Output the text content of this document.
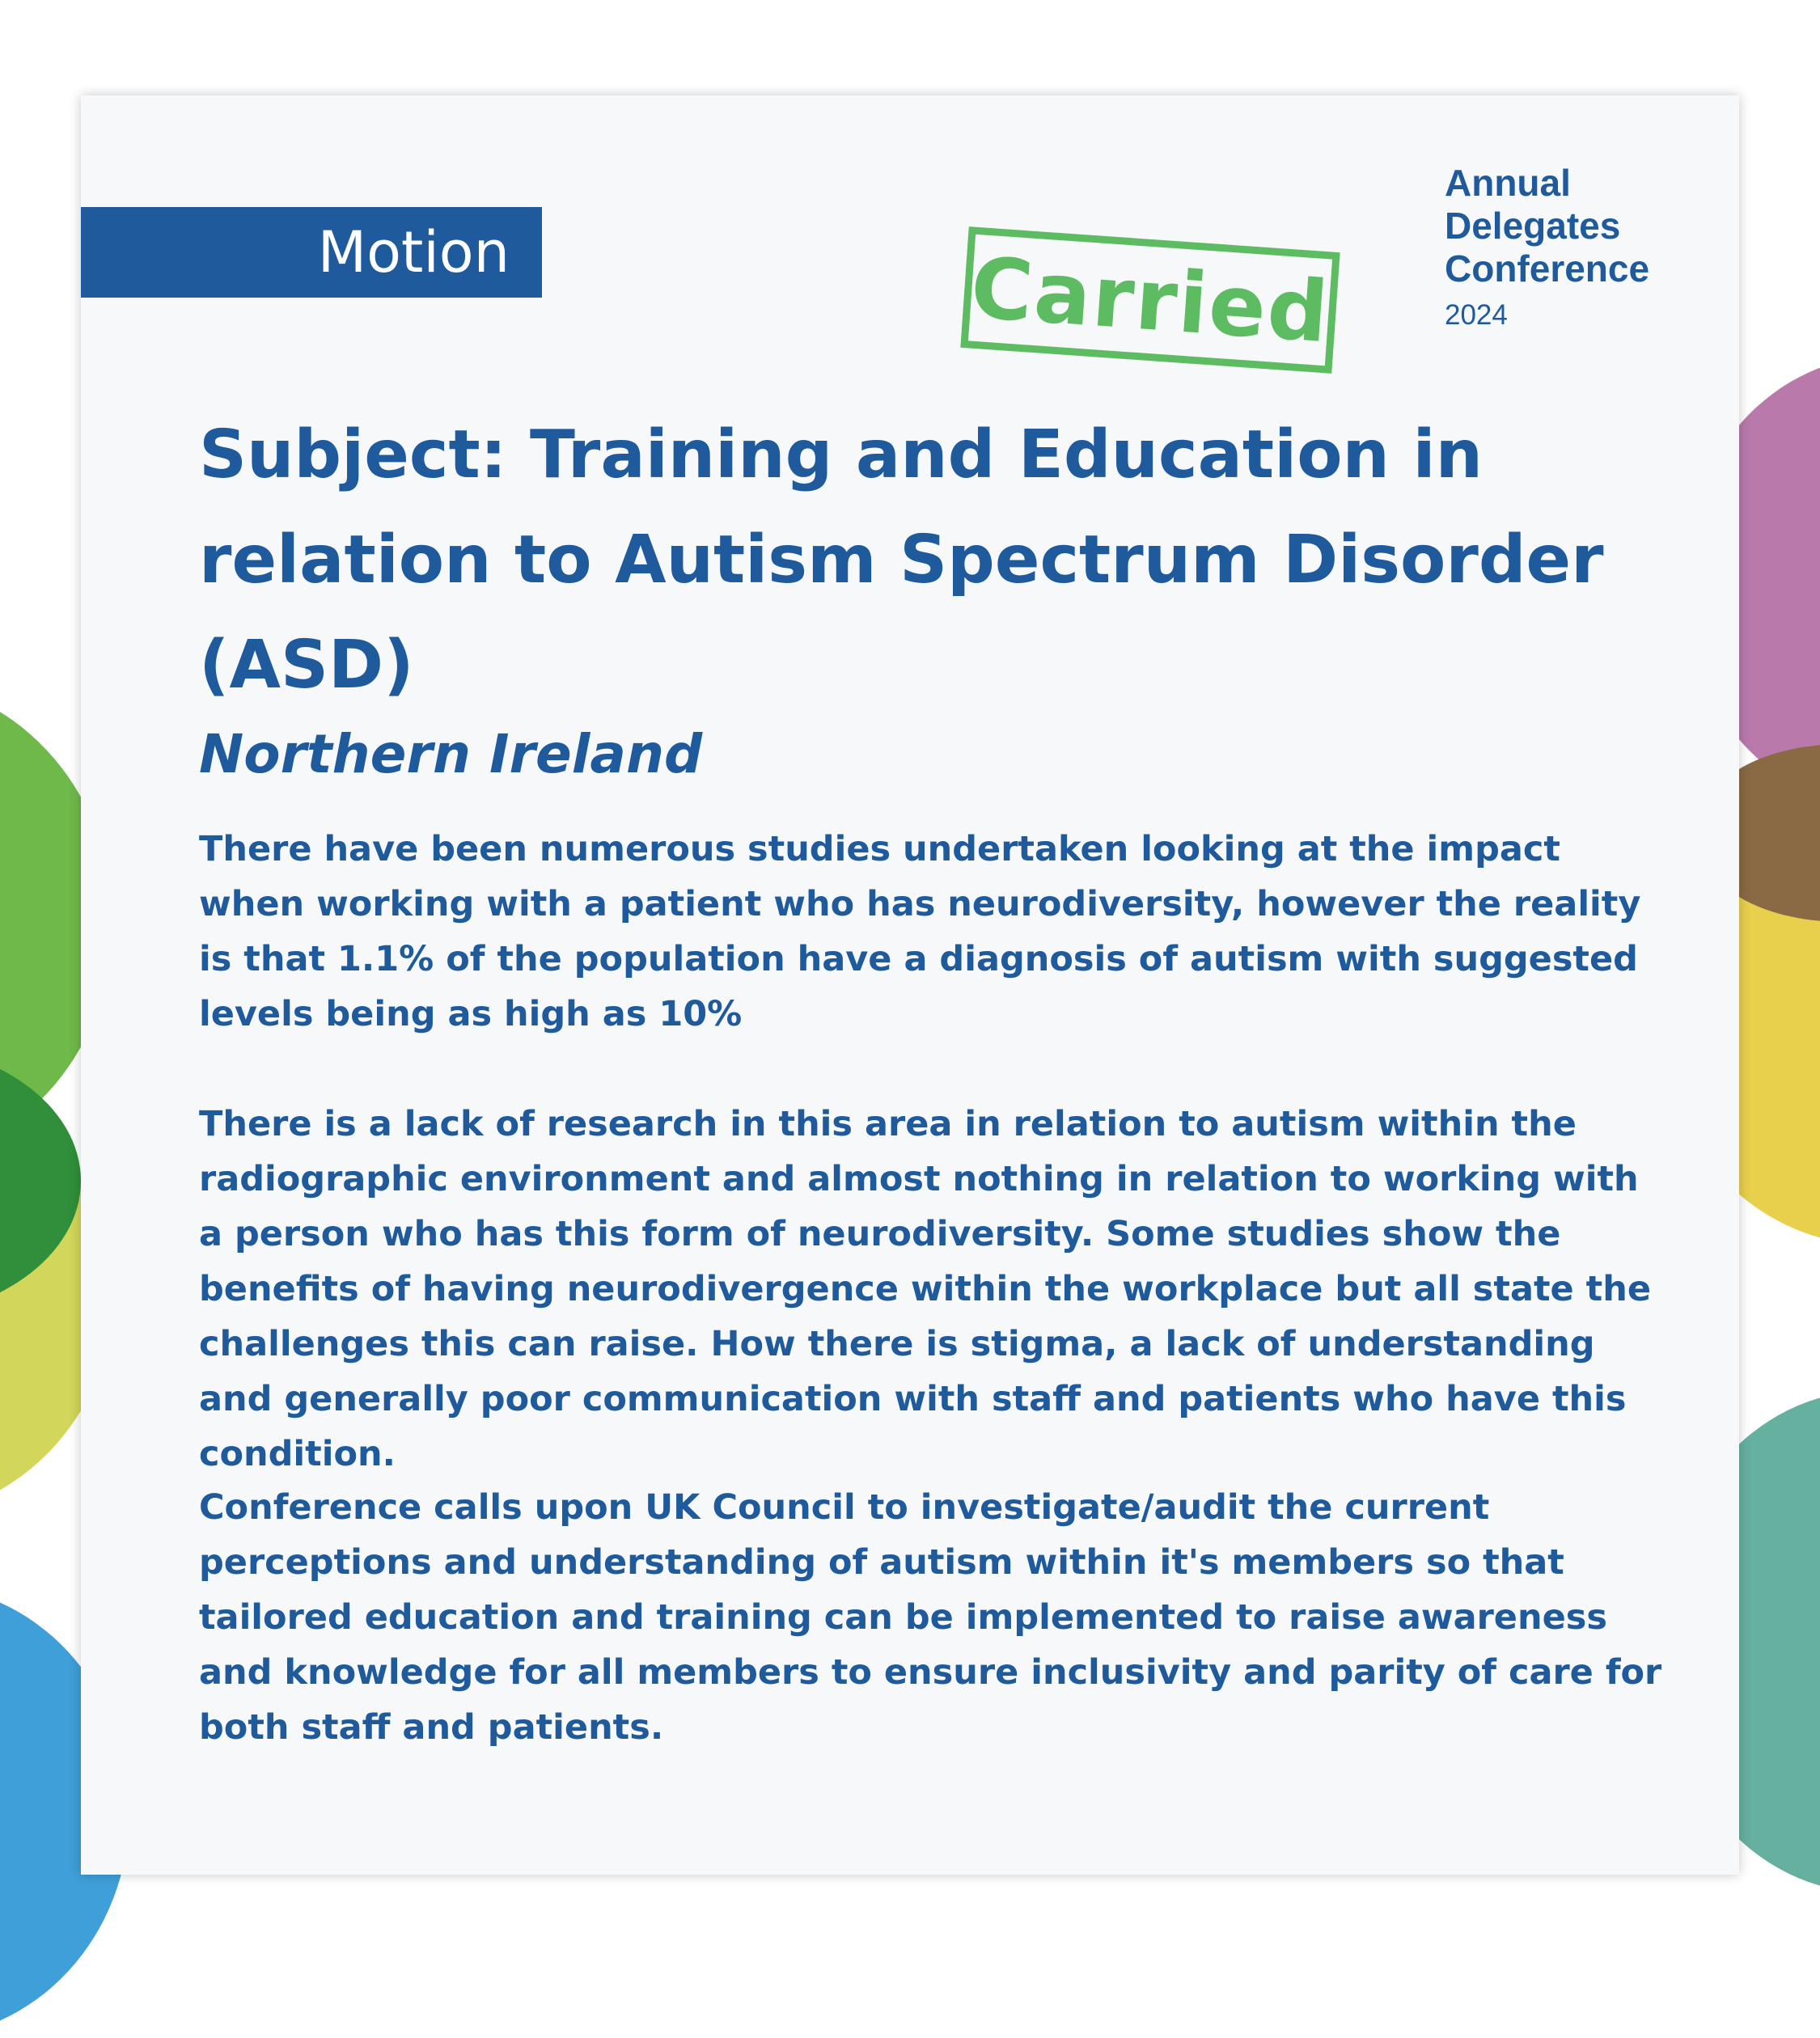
Motion	Carried
Annual
Delegates
Conference
2024
Subject: Training and Education in relation to Autism Spectrum Disorder (ASD)
Northern Ireland

There have been numerous studies undertaken looking at the impact when working with a patient who has neurodiversity, however the reality is that 1.1% of the population have a diagnosis of autism with suggested levels being as high as 10%

There is a lack of research in this area in relation to autism within the radiographic environment and almost nothing in relation to working with a person who has this form of neurodiversity. Some studies show the benefits of having neurodivergence within the workplace but all state the challenges this can raise. How there is stigma, a lack of understanding and generally poor communication with staff and patients who have this condition.

Conference calls upon UK Council to investigate/audit the current perceptions and understanding of autism within it's members so that tailored education and training can be implemented to raise awareness and knowledge for all members to ensure inclusivity and parity of care for both staff and patients.
